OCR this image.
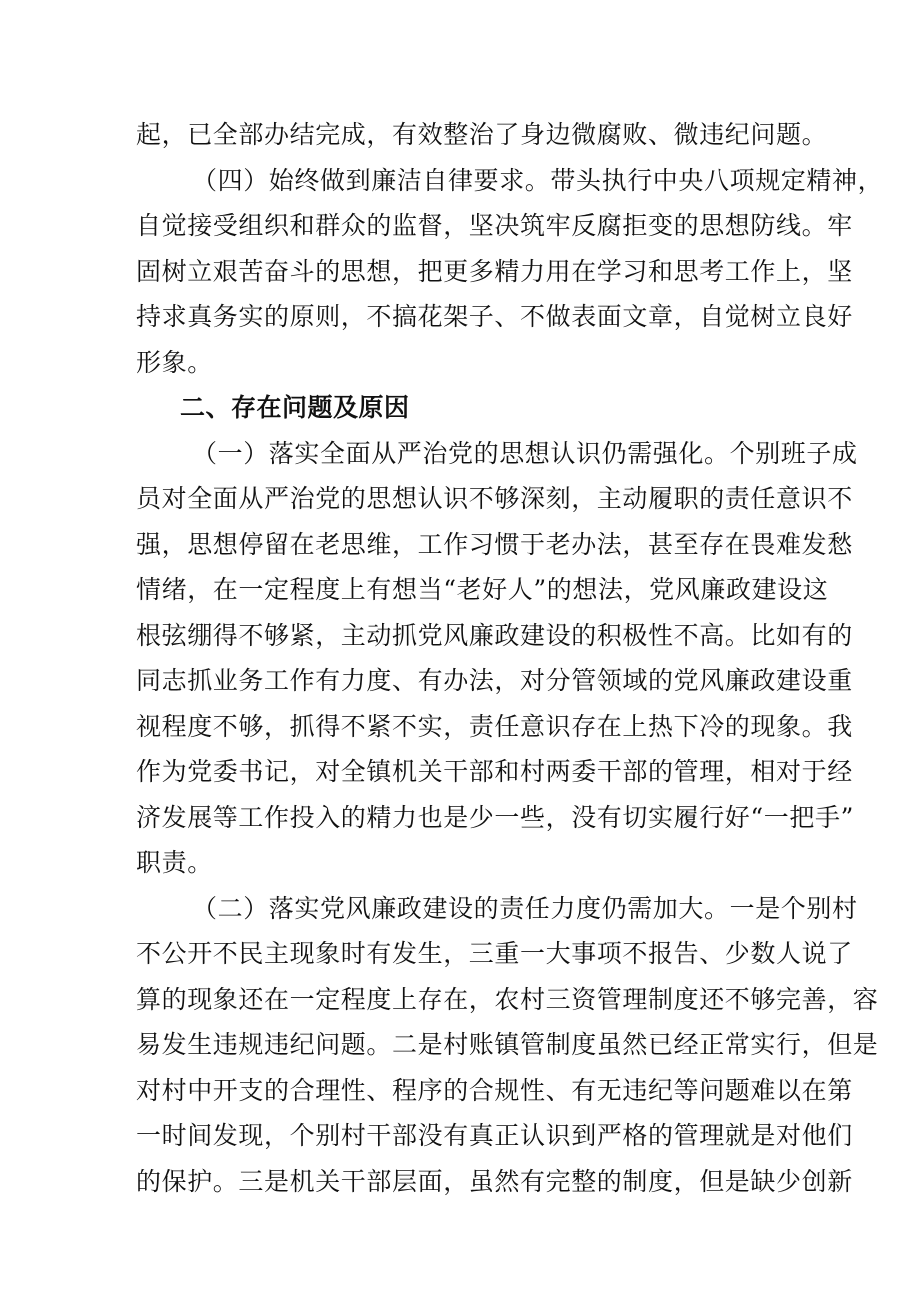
起，已全部办结完成，有效整治了身边微腐败、微违纪问题。

（四）始终做到廉洁自律要求。带头执行中央八项规定精神，
自觉接受组织和群众的监督，坚决筑牢反腐拒变的思想防线。牢
固树立艰苦奋斗的思想，把更多精力用在学习和思考工作上，坚
持求真务实的原则，不搞花架子、不做表面文章，自觉树立良好
形象。

二、存在问题及原因

（一）落实全面从严治党的思想认识仍需强化。个别班子成
员对全面从严治党的思想认识不够深刻，主动履职的责任意识不
强，思想停留在老思维，工作习惯于老办法，甚至存在畏难发愁
情绪，在一定程度上有想当“老好人”的想法，党风廉政建设这
根弦绷得不够紧，主动抓党风廉政建设的积极性不高。比如有的
同志抓业务工作有力度、有办法，对分管领域的党风廉政建设重
视程度不够，抓得不紧不实，责任意识存在上热下冷的现象。我
作为党委书记，对全镇机关干部和村两委干部的管理，相对于经
济发展等工作投入的精力也是少一些，没有切实履行好“一把手”
职责。

（二）落实党风廉政建设的责任力度仍需加大。一是个别村
不公开不民主现象时有发生，三重一大事项不报告、少数人说了
算的现象还在一定程度上存在，农村三资管理制度还不够完善，容
易发生违规违纪问题。二是村账镇管制度虽然已经正常实行，但是
对村中开支的合理性、程序的合规性、有无违纪等问题难以在第
一时间发现，个别村干部没有真正认识到严格的管理就是对他们
的保护。三是机关干部层面，虽然有完整的制度，但是缺少创新
